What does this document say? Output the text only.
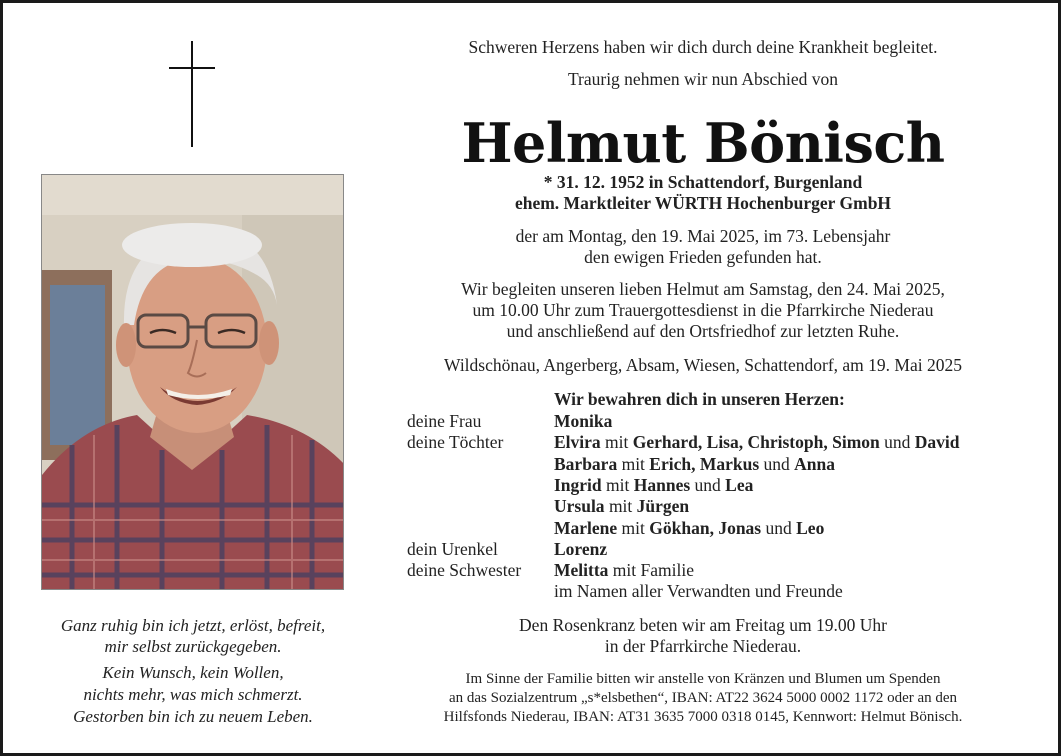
Schweren Herzens haben wir dich durch deine Krankheit begleitet.
Traurig nehmen wir nun Abschied von
Helmut Bönisch
* 31. 12. 1952 in Schattendorf, Burgenland
ehem. Marktleiter WÜRTH Hochenburger GmbH
der am Montag, den 19. Mai 2025, im 73. Lebensjahr
den ewigen Frieden gefunden hat.
Wir begleiten unseren lieben Helmut am Samstag, den 24. Mai 2025,
um 10.00 Uhr zum Trauergottesdienst in die Pfarrkirche Niederau
und anschließend auf den Ortsfriedhof zur letzten Ruhe.
Wildschönau, Angerberg, Absam, Wiesen, Schattendorf, am 19. Mai 2025
Wir bewahren dich in unseren Herzen:
deine Frau	Monika
deine Töchter	Elvira mit Gerhard, Lisa, Christoph, Simon und David
Barbara mit Erich, Markus und Anna
Ingrid mit Hannes und Lea
Ursula mit Jürgen
Marlene mit Gökhan, Jonas und Leo
dein Urenkel	Lorenz
deine Schwester Melitta mit Familie
im Namen aller Verwandten und Freunde
Den Rosenkranz beten wir am Freitag um 19.00 Uhr
in der Pfarrkirche Niederau.
Im Sinne der Familie bitten wir anstelle von Kränzen und Blumen um Spenden
an das Sozialzentrum „s*elsbethen“, IBAN: AT22 3624 5000 0002 1172 oder an den
Hilfsfonds Niederau, IBAN: AT31 3635 7000 0318 0145, Kennwort: Helmut Bönisch.
Ganz ruhig bin ich jetzt, erlöst, befreit,
mir selbst zurückgegeben.
Kein Wunsch, kein Wollen,
nichts mehr, was mich schmerzt.
Gestorben bin ich zu neuem Leben.
